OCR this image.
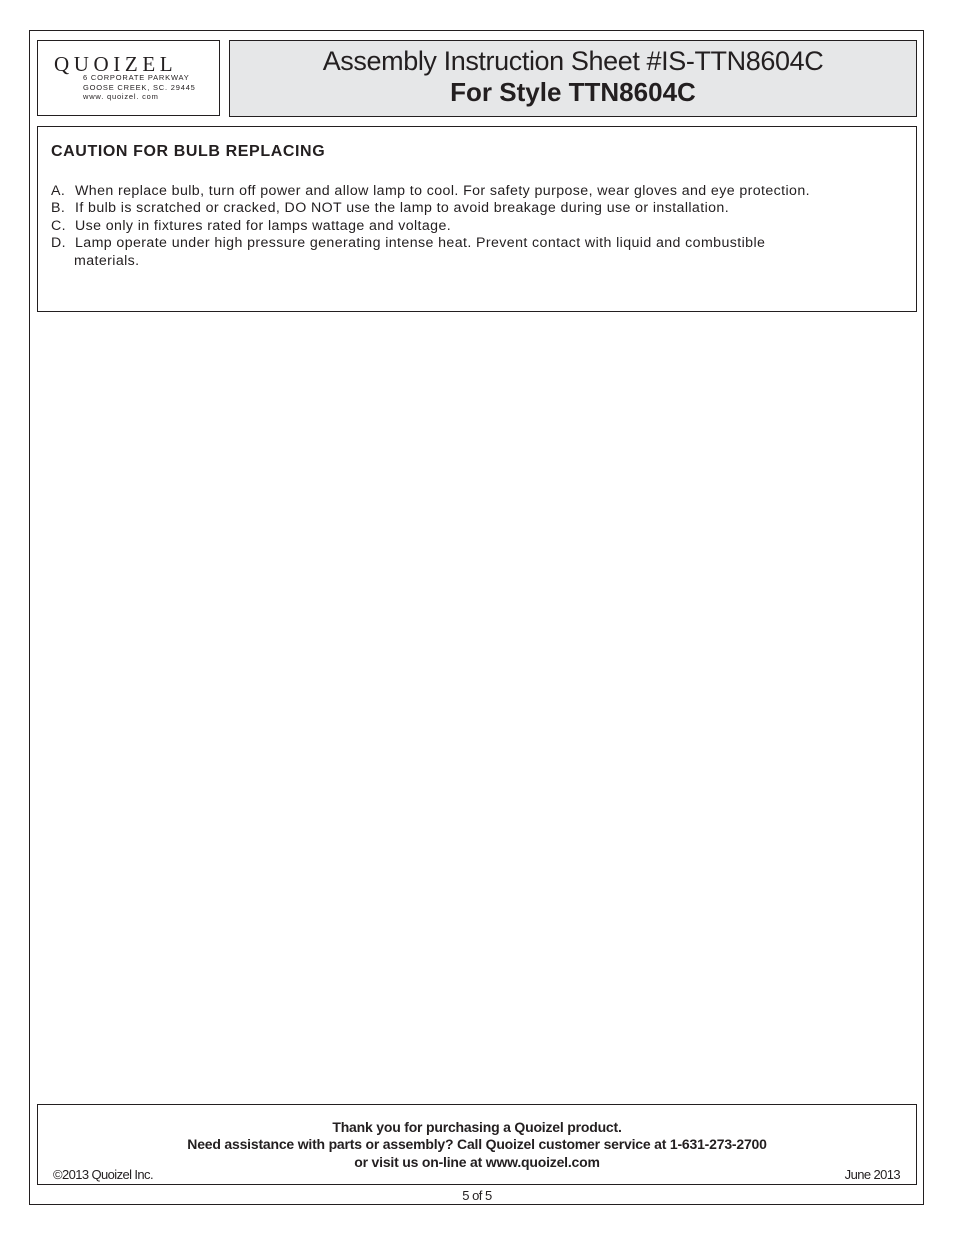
QUOIZEL
6 CORPORATE PARKWAY
GOOSE CREEK, SC. 29445
www. quoizel. com
Assembly Instruction Sheet #IS-TTN8604C
For Style TTN8604C
CAUTION FOR BULB REPLACING
A. When replace bulb, turn off power and allow lamp to cool. For safety purpose, wear gloves and eye protection.
B. If bulb is scratched or cracked, DO NOT use the lamp to avoid breakage during use or installation.
C. Use only in fixtures rated for lamps wattage and voltage.
D. Lamp operate under high pressure generating intense heat. Prevent contact with liquid and combustible
materials.
Thank you for purchasing a Quoizel product.
Need assistance with parts or assembly? Call Quoizel customer service at 1-631-273-2700
or visit us on-line at www.quoizel.com
©2013 Quoizel Inc.	June 2013
5 of 5
